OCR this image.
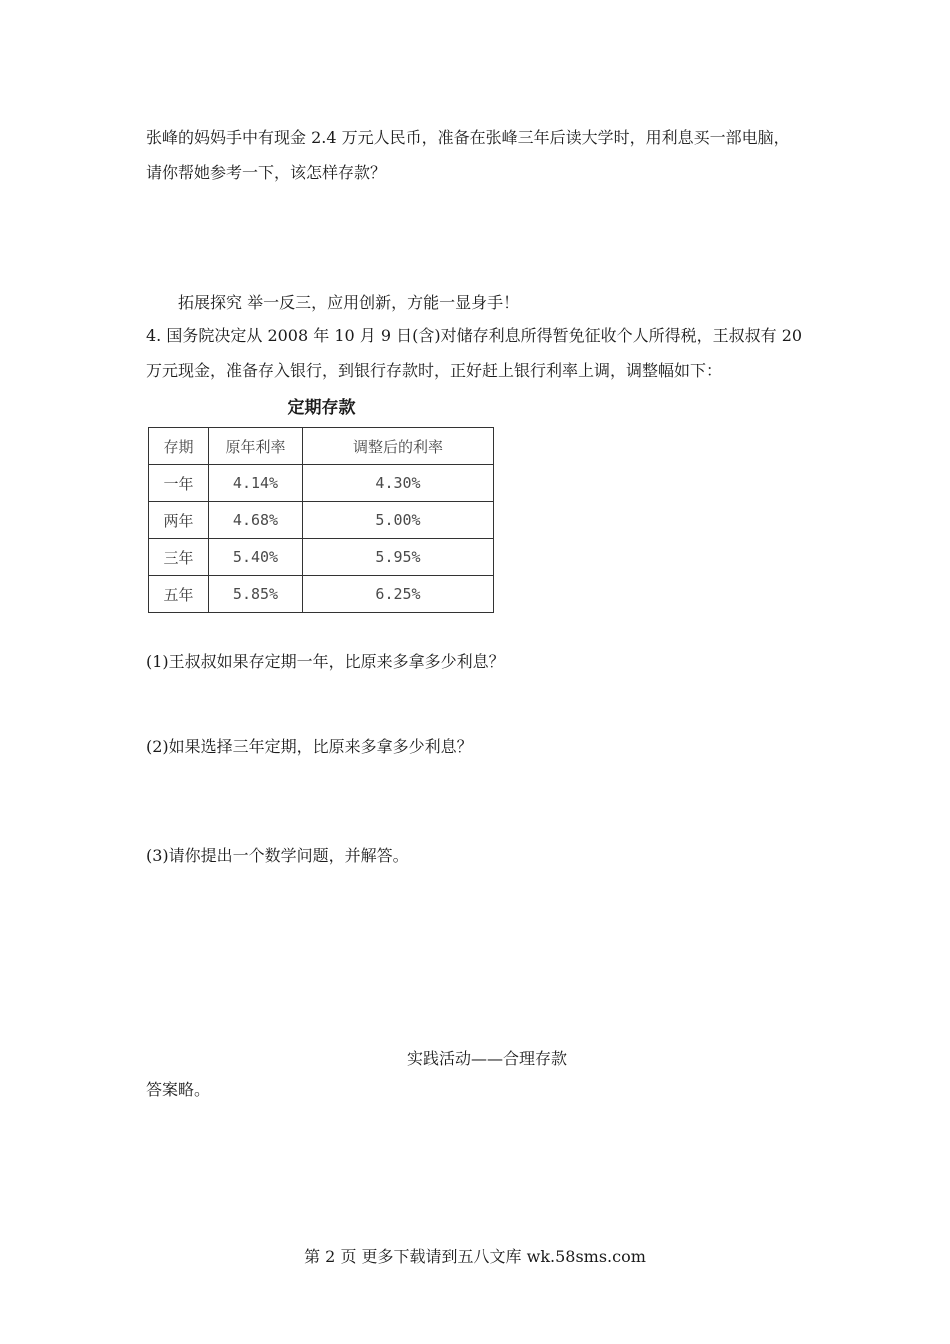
张峰的妈妈手中有现金 2.4 万元人民币，准备在张峰三年后读大学时，用利息买一部电脑，
请你帮她参考一下，该怎样存款？
拓展探究 举一反三，应用创新，方能一显身手！
4. 国务院决定从 2008 年 10 月 9 日(含)对储存利息所得暂免征收个人所得税，王叔叔有 20
万元现金，准备存入银行，到银行存款时，正好赶上银行利率上调，调整幅如下：
定期存款
存期	原年利率	调整后的利率
一年	4.14%	4.30%
两年	4.68%	5.00%
三年	5.40%	5.95%
五年	5.85%	6.25%
(1)王叔叔如果存定期一年，比原来多拿多少利息？
(2)如果选择三年定期，比原来多拿多少利息？
(3)请你提出一个数学问题，并解答。
实践活动——合理存款
答案略。
第 2 页 更多下载请到五八文库 wk.58sms.com
